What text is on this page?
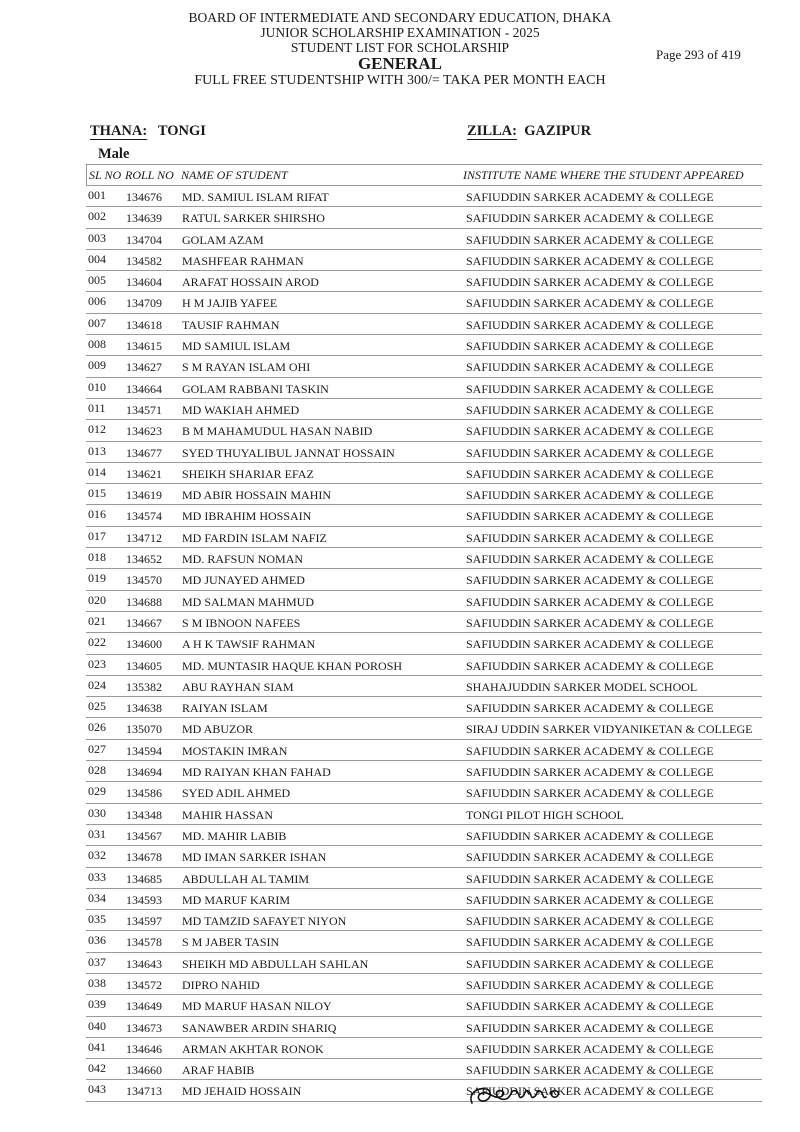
BOARD OF INTERMEDIATE AND SECONDARY EDUCATION, DHAKA
JUNIOR SCHOLARSHIP EXAMINATION - 2025
STUDENT LIST FOR SCHOLARSHIP
GENERAL
FULL FREE STUDENTSHIP WITH 300/= TAKA PER MONTH EACH
Page 293 of 419
THANA: TONGI	ZILLA: GAZIPUR
Male
SL NO ROLL NO NAME OF STUDENT	INSTITUTE NAME WHERE THE STUDENT APPEARED
001 134676 MD. SAMIUL ISLAM RIFAT	SAFIUDDIN SARKER ACADEMY & COLLEGE
002 134639 RATUL SARKER SHIRSHO	SAFIUDDIN SARKER ACADEMY & COLLEGE
003 134704 GOLAM AZAM	SAFIUDDIN SARKER ACADEMY & COLLEGE
004 134582 MASHFEAR RAHMAN	SAFIUDDIN SARKER ACADEMY & COLLEGE
005 134604 ARAFAT HOSSAIN AROD	SAFIUDDIN SARKER ACADEMY & COLLEGE
006 134709 H M JAJIB YAFEE	SAFIUDDIN SARKER ACADEMY & COLLEGE
007 134618 TAUSIF RAHMAN	SAFIUDDIN SARKER ACADEMY & COLLEGE
008 134615 MD SAMIUL ISLAM	SAFIUDDIN SARKER ACADEMY & COLLEGE
009 134627 S M RAYAN ISLAM OHI	SAFIUDDIN SARKER ACADEMY & COLLEGE
010 134664 GOLAM RABBANI TASKIN	SAFIUDDIN SARKER ACADEMY & COLLEGE
011 134571 MD WAKIAH AHMED	SAFIUDDIN SARKER ACADEMY & COLLEGE
012 134623 B M MAHAMUDUL HASAN NABID	SAFIUDDIN SARKER ACADEMY & COLLEGE
013 134677 SYED THUYALIBUL JANNAT HOSSAIN	SAFIUDDIN SARKER ACADEMY & COLLEGE
014 134621 SHEIKH SHARIAR EFAZ	SAFIUDDIN SARKER ACADEMY & COLLEGE
015 134619 MD ABIR HOSSAIN MAHIN	SAFIUDDIN SARKER ACADEMY & COLLEGE
016 134574 MD IBRAHIM HOSSAIN	SAFIUDDIN SARKER ACADEMY & COLLEGE
017 134712 MD FARDIN ISLAM NAFIZ	SAFIUDDIN SARKER ACADEMY & COLLEGE
018 134652 MD. RAFSUN NOMAN	SAFIUDDIN SARKER ACADEMY & COLLEGE
019 134570 MD JUNAYED AHMED	SAFIUDDIN SARKER ACADEMY & COLLEGE
020 134688 MD SALMAN MAHMUD	SAFIUDDIN SARKER ACADEMY & COLLEGE
021 134667 S M IBNOON NAFEES	SAFIUDDIN SARKER ACADEMY & COLLEGE
022 134600 A H K TAWSIF RAHMAN	SAFIUDDIN SARKER ACADEMY & COLLEGE
023 134605 MD. MUNTASIR HAQUE KHAN POROSH	SAFIUDDIN SARKER ACADEMY & COLLEGE
024 135382 ABU RAYHAN SIAM	SHAHAJUDDIN SARKER MODEL SCHOOL
025 134638 RAIYAN ISLAM	SAFIUDDIN SARKER ACADEMY & COLLEGE
026 135070 MD ABUZOR	SIRAJ UDDIN SARKER VIDYANIKETAN & COLLEGE
027 134594 MOSTAKIN IMRAN	SAFIUDDIN SARKER ACADEMY & COLLEGE
028 134694 MD RAIYAN KHAN FAHAD	SAFIUDDIN SARKER ACADEMY & COLLEGE
029 134586 SYED ADIL AHMED	SAFIUDDIN SARKER ACADEMY & COLLEGE
030 134348 MAHIR HASSAN	TONGI PILOT HIGH SCHOOL
031 134567 MD. MAHIR LABIB	SAFIUDDIN SARKER ACADEMY & COLLEGE
032 134678 MD IMAN SARKER ISHAN	SAFIUDDIN SARKER ACADEMY & COLLEGE
033 134685 ABDULLAH AL TAMIM	SAFIUDDIN SARKER ACADEMY & COLLEGE
034 134593 MD MARUF KARIM	SAFIUDDIN SARKER ACADEMY & COLLEGE
035 134597 MD TAMZID SAFAYET NIYON	SAFIUDDIN SARKER ACADEMY & COLLEGE
036 134578 S M JABER TASIN	SAFIUDDIN SARKER ACADEMY & COLLEGE
037 134643 SHEIKH MD ABDULLAH SAHLAN	SAFIUDDIN SARKER ACADEMY & COLLEGE
038 134572 DIPRO NAHID	SAFIUDDIN SARKER ACADEMY & COLLEGE
039 134649 MD MARUF HASAN NILOY	SAFIUDDIN SARKER ACADEMY & COLLEGE
040 134673 SANAWBER ARDIN SHARIQ	SAFIUDDIN SARKER ACADEMY & COLLEGE
041 134646 ARMAN AKHTAR RONOK	SAFIUDDIN SARKER ACADEMY & COLLEGE
042 134660 ARAF HABIB	SAFIUDDIN SARKER ACADEMY & COLLEGE
043 134713 MD JEHAID HOSSAIN	SAFIUDDIN SARKER ACADEMY & COLLEGE
